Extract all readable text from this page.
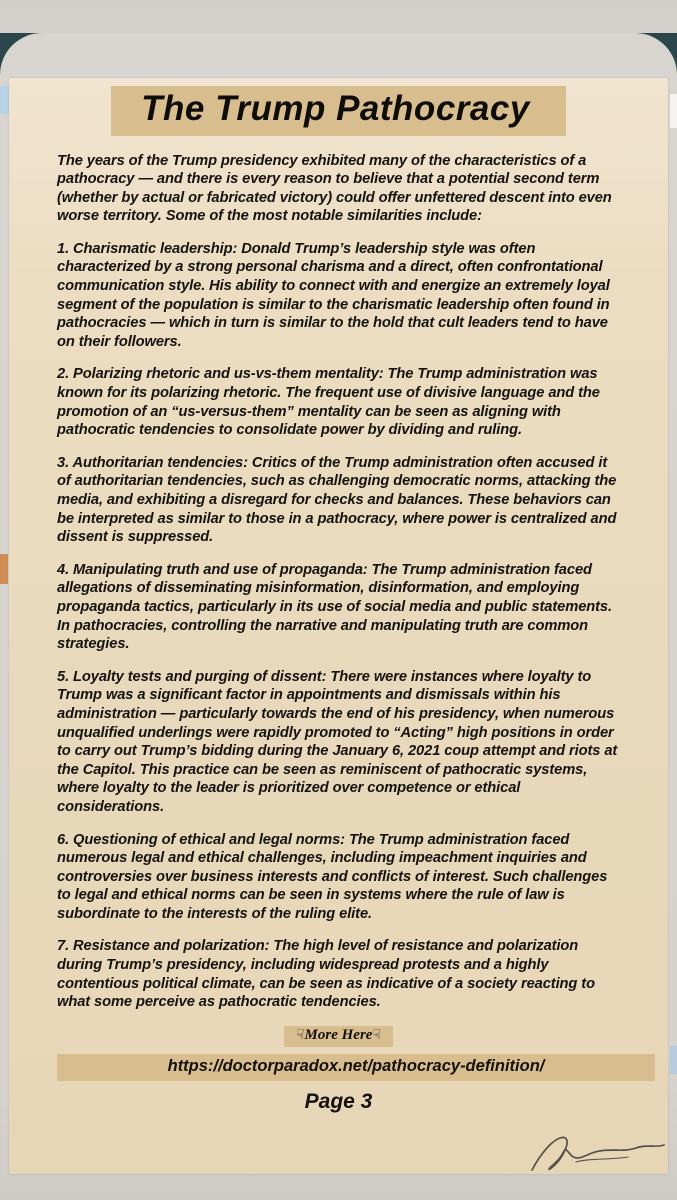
The Trump Pathocracy

The years of the Trump presidency exhibited many of the characteristics of a pathocracy — and there is every reason to believe that a potential second term (whether by actual or fabricated victory) could offer unfettered descent into even worse territory. Some of the most notable similarities include:

1. Charismatic leadership: Donald Trump’s leadership style was often characterized by a strong personal charisma and a direct, often confrontational communication style. His ability to connect with and energize an extremely loyal segment of the population is similar to the charismatic leadership often found in pathocracies — which in turn is similar to the hold that cult leaders tend to have on their followers.

2. Polarizing rhetoric and us-vs-them mentality: The Trump administration was known for its polarizing rhetoric. The frequent use of divisive language and the promotion of an “us-versus-them” mentality can be seen as aligning with pathocratic tendencies to consolidate power by dividing and ruling.

3. Authoritarian tendencies: Critics of the Trump administration often accused it of authoritarian tendencies, such as challenging democratic norms, attacking the media, and exhibiting a disregard for checks and balances. These behaviors can be interpreted as similar to those in a pathocracy, where power is centralized and dissent is suppressed.

4. Manipulating truth and use of propaganda: The Trump administration faced allegations of disseminating misinformation, disinformation, and employing propaganda tactics, particularly in its use of social media and public statements. In pathocracies, controlling the narrative and manipulating truth are common strategies.

5. Loyalty tests and purging of dissent: There were instances where loyalty to Trump was a significant factor in appointments and dismissals within his administration — particularly towards the end of his presidency, when numerous unqualified underlings were rapidly promoted to “Acting” high positions in order to carry out Trump’s bidding during the January 6, 2021 coup attempt and riots at the Capitol. This practice can be seen as reminiscent of pathocratic systems, where loyalty to the leader is prioritized over competence or ethical considerations.

6. Questioning of ethical and legal norms: The Trump administration faced numerous legal and ethical challenges, including impeachment inquiries and controversies over business interests and conflicts of interest. Such challenges to legal and ethical norms can be seen in systems where the rule of law is subordinate to the interests of the ruling elite.

7. Resistance and polarization: The high level of resistance and polarization during Trump’s presidency, including widespread protests and a highly contentious political climate, can be seen as indicative of a society reacting to what some perceive as pathocratic tendencies.

☟More Here☟
https://doctorparadox.net/pathocracy-definition/
Page 3
